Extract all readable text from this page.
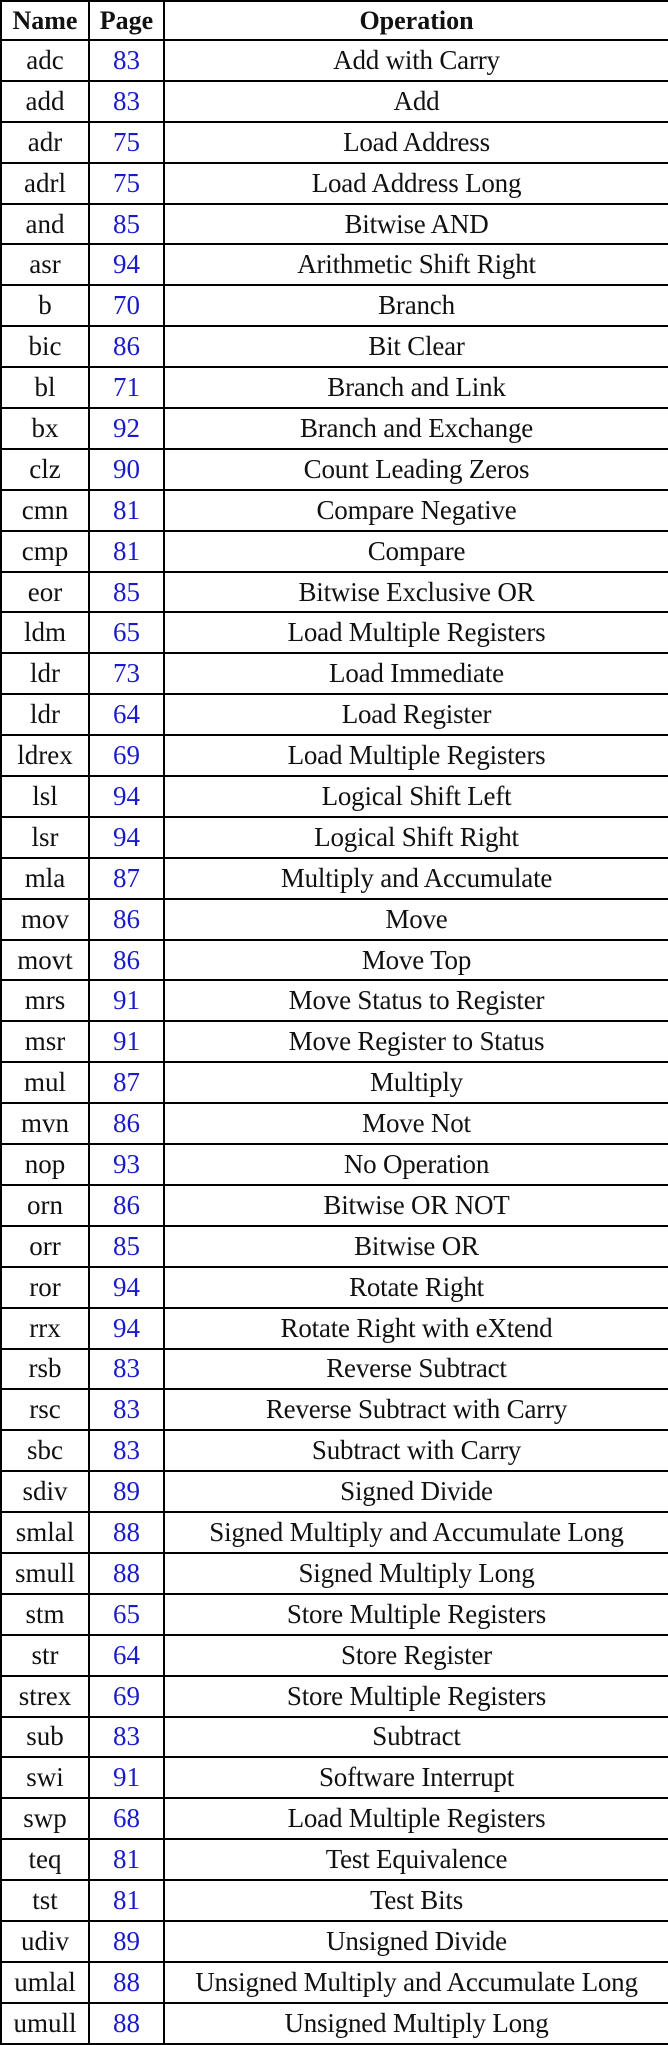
Name	Page	Operation
adc	83	Add with Carry
add	83	Add
adr	75	Load Address
adrl	75	Load Address Long
and	85	Bitwise AND
asr	94	Arithmetic Shift Right
b	70	Branch
bic	86	Bit Clear
bl	71	Branch and Link
bx	92	Branch and Exchange
clz	90	Count Leading Zeros
cmn	81	Compare Negative
cmp	81	Compare
eor	85	Bitwise Exclusive OR
ldm	65	Load Multiple Registers
ldr	73	Load Immediate
ldr	64	Load Register
ldrex	69	Load Multiple Registers
lsl	94	Logical Shift Left
lsr	94	Logical Shift Right
mla	87	Multiply and Accumulate
mov	86	Move
movt	86	Move Top
mrs	91	Move Status to Register
msr	91	Move Register to Status
mul	87	Multiply
mvn	86	Move Not
nop	93	No Operation
orn	86	Bitwise OR NOT
orr	85	Bitwise OR
ror	94	Rotate Right
rrx	94	Rotate Right with eXtend
rsb	83	Reverse Subtract
rsc	83	Reverse Subtract with Carry
sbc	83	Subtract with Carry
sdiv	89	Signed Divide
smlal	88	Signed Multiply and Accumulate Long
smull	88	Signed Multiply Long
stm	65	Store Multiple Registers
str	64	Store Register
strex	69	Store Multiple Registers
sub	83	Subtract
swi	91	Software Interrupt
swp	68	Load Multiple Registers
teq	81	Test Equivalence
tst	81	Test Bits
udiv	89	Unsigned Divide
umlal	88	Unsigned Multiply and Accumulate Long
umull	88	Unsigned Multiply Long
